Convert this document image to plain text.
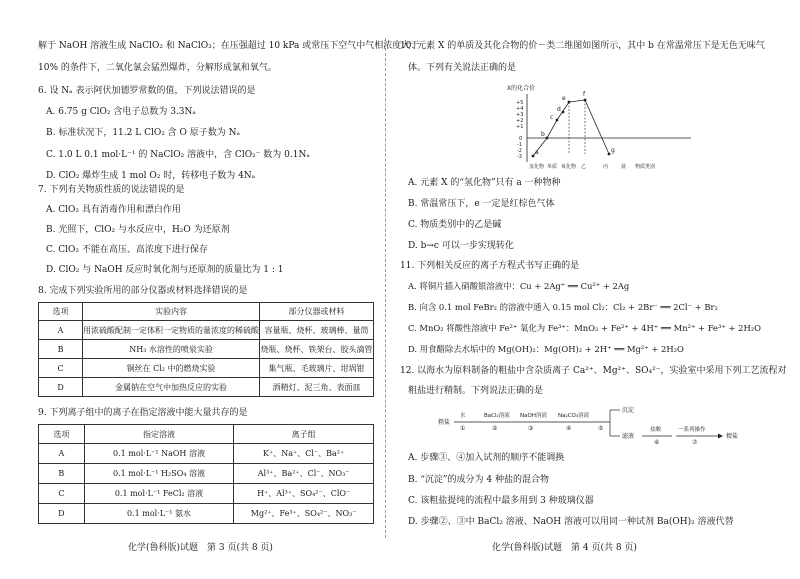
解于 NaOH 溶液生成 NaClO₂ 和 NaClO₃；在压强超过 10 kPa 或常压下空气中气相浓度大于
10% 的条件下，二氧化氯会猛烈爆炸，分解形成氯和氧气。
6. 设 Nₐ 表示阿伏加德罗常数的值，下列说法错误的是
A. 6.75 g ClO₂ 含电子总数为 3.3Nₐ
B. 标准状况下，11.2 L ClO₂ 含 O 原子数为 Nₐ
C. 1.0 L 0.1 mol·L⁻¹ 的 NaClO₂ 溶液中，含 ClO₂⁻ 数为 0.1Nₐ
D. ClO₂ 爆炸生成 1 mol O₂ 时，转移电子数为 4Nₐ
7. 下列有关物质性质的说法错误的是
A. ClO₂ 具有消毒作用和漂白作用
B. 光照下，ClO₂ 与水反应中，H₂O 为还原剂
C. ClO₂ 不能在高压、高浓度下进行保存
D. ClO₂ 与 NaOH 反应时氧化剂与还原剂的质量比为 1 : 1
8. 完成下列实验所用的部分仪器或材料选择错误的是
选项	实验内容	部分仪器或材料
A	用浓硫酸配制一定体积一定物质的量浓度的稀硫酸	容量瓶、烧杯、玻璃棒、量筒
B	NH₃ 水溶性的喷泉实验	烧瓶、烧杯、铁架台、胶头滴管
C	铜丝在 Cl₂ 中的燃烧实验	集气瓶、毛玻璃片、坩埚钳
D	金属钠在空气中加热反应的实验	酒精灯、泥三角、表面皿
9. 下列离子组中的离子在指定溶液中能大量共存的是
选项	指定溶液	离子组
A	0.1 mol·L⁻¹ NaOH 溶液	K⁺、Na⁺、Cl⁻、Ba²⁺
B	0.1 mol·L⁻¹ H₂SO₄ 溶液	Al³⁺、Ba²⁺、Cl⁻、NO₃⁻
C	0.1 mol·L⁻¹ FeCl₂ 溶液	H⁺、Al³⁺、SO₄²⁻、ClO⁻
D	0.1 mol·L⁻¹ 氨水	Mg²⁺、Fe³⁺、SO₄²⁻、NO₃⁻
化学(鲁科版)试题　第 3 页(共 8 页)
10. 元素 X 的单质及其化合物的价－类二维图如图所示，其中 b 在常温常压下是无色无味气
体。下列有关说法正确的是
X的化合价
+5
+4
+3
+2
+1
0
-1
-2
-3
a
b
c
d
e
f
g
氢化物 单质 氧化物 乙	丙	盐 物质类别
A. 元素 X 的“氢化物”只有 a 一种物种
B. 常温常压下，e 一定是红棕色气体
C. 物质类别中的乙是碱
D. b→c 可以一步实现转化
11. 下列相关反应的离子方程式书写正确的是
A. 将铜片插入硝酸银溶液中：Cu + 2Ag⁺ ══ Cu²⁺ + 2Ag
B. 向含 0.1 mol FeBr₂ 的溶液中通入 0.15 mol Cl₂：Cl₂ + 2Br⁻ ══ 2Cl⁻ + Br₂
C. MnO₂ 将酸性溶液中 Fe²⁺ 氧化为 Fe³⁺：MnO₂ + Fe²⁺ + 4H⁺ ══ Mn²⁺ + Fe³⁺ + 2H₂O
D. 用食醋除去水垢中的 Mg(OH)₂：Mg(OH)₂ + 2H⁺ ══ Mg²⁺ + 2H₂O
12. 以海水为原料制备的粗盐中含杂质离子 Ca²⁺、Mg²⁺、SO₄²⁻，实验室中采用下列工艺流程对
粗盐进行精制。下列说法正确的是
粗盐
水
①
BaCl₂溶液
②
NaOH溶液
③
Na₂CO₃溶液
④	⑤
沉淀
滤液
盐酸
⑥
一系列操作
⑦
精盐
A. 步骤③、④加入试剂的顺序不能调换
B. “沉淀”的成分为 4 种盐的混合物
C. 该粗盐提纯的流程中最多用到 3 种玻璃仪器
D. 步骤②、③中 BaCl₂ 溶液、NaOH 溶液可以用同一种试剂 Ba(OH)₂ 溶液代替
化学(鲁科版)试题　第 4 页(共 8 页)
